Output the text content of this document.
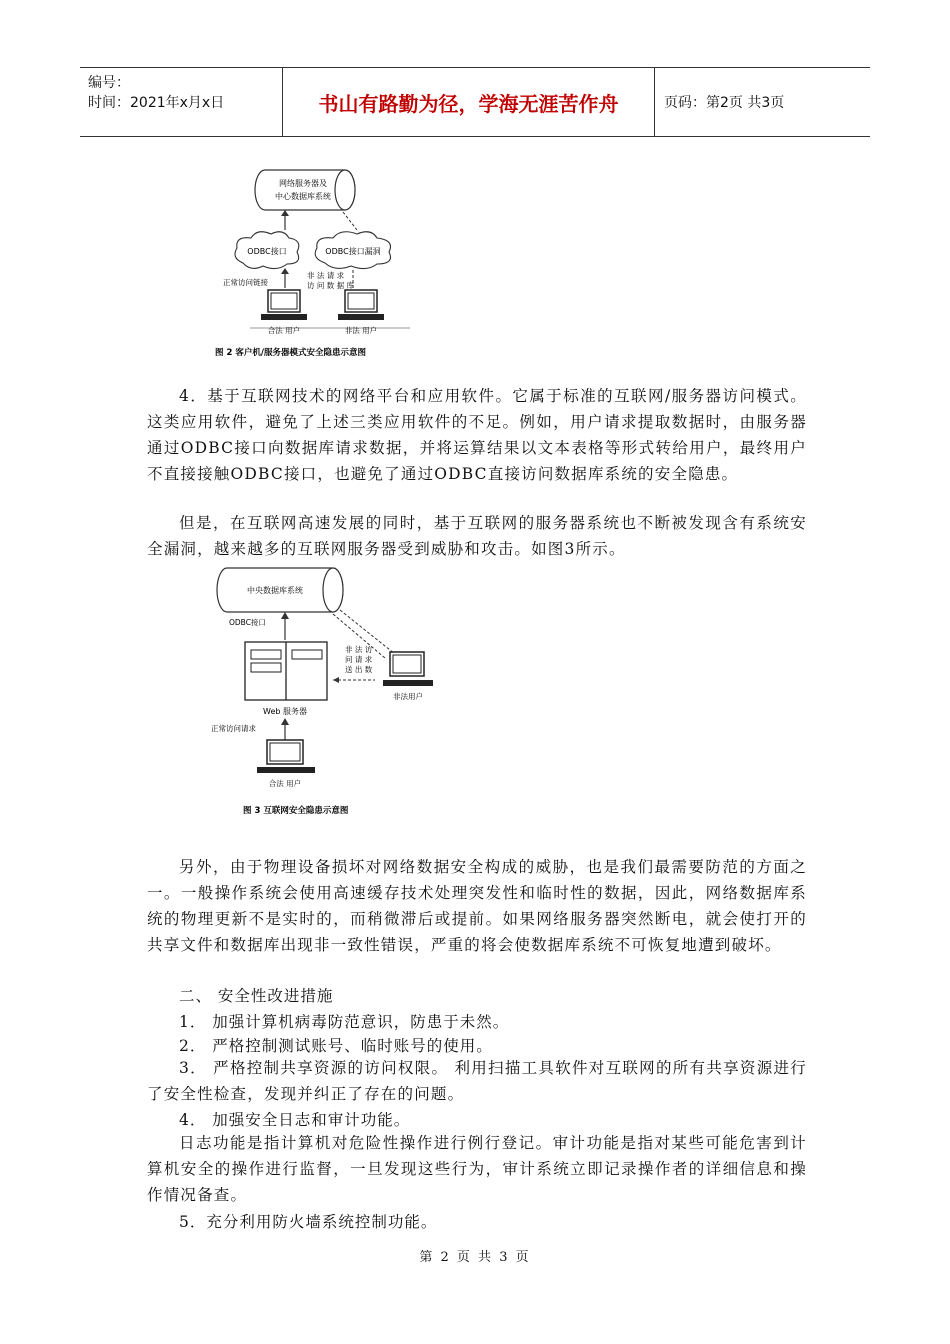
编号：
时间：2021年x月x日	书山有路勤为径，学海无涯苦作舟	页码：第2页 共3页
网络服务器及
中心数据库系统
ODBC接口	ODBC接口漏洞
正常访问链接
非 法 请 求
访 问 数 据 库
合法 用户	非法 用户
图 2 客户机/服务器模式安全隐患示意图
4．基于互联网技术的网络平台和应用软件。它属于标准的互联网/服务器访问模式。这类应用软件，避免了上述三类应用软件的不足。例如，用户请求提取数据时，由服务器通过ODBC接口向数据库请求数据，并将运算结果以文本表格等形式转给用户，最终用户不直接接触ODBC接口，也避免了通过ODBC直接访问数据库系统的安全隐患。
但是，在互联网高速发展的同时，基于互联网的服务器系统也不断被发现含有系统安全漏洞，越来越多的互联网服务器受到威胁和攻击。如图3所示。
中央数据库系统
ODBC接口
非 法 访
问 请 求
送 出 数
非法用户
Web 服务器
正常访问请求
合法 用户
图 3 互联网安全隐患示意图
另外，由于物理设备损坏对网络数据安全构成的威胁，也是我们最需要防范的方面之一。一般操作系统会使用高速缓存技术处理突发性和临时性的数据，因此，网络数据库系统的物理更新不是实时的，而稍微滞后或提前。如果网络服务器突然断电，就会使打开的共享文件和数据库出现非一致性错误，严重的将会使数据库系统不可恢复地遭到破坏。
二、 安全性改进措施
1． 加强计算机病毒防范意识，防患于未然。
2． 严格控制测试账号、临时账号的使用。
3． 严格控制共享资源的访问权限。 利用扫描工具软件对互联网的所有共享资源进行了安全性检查，发现并纠正了存在的问题。
4． 加强安全日志和审计功能。
日志功能是指计算机对危险性操作进行例行登记。审计功能是指对某些可能危害到计算机安全的操作进行监督，一旦发现这些行为，审计系统立即记录操作者的详细信息和操作情况备查。
5．充分利用防火墙系统控制功能。
第 2 页 共 3 页
